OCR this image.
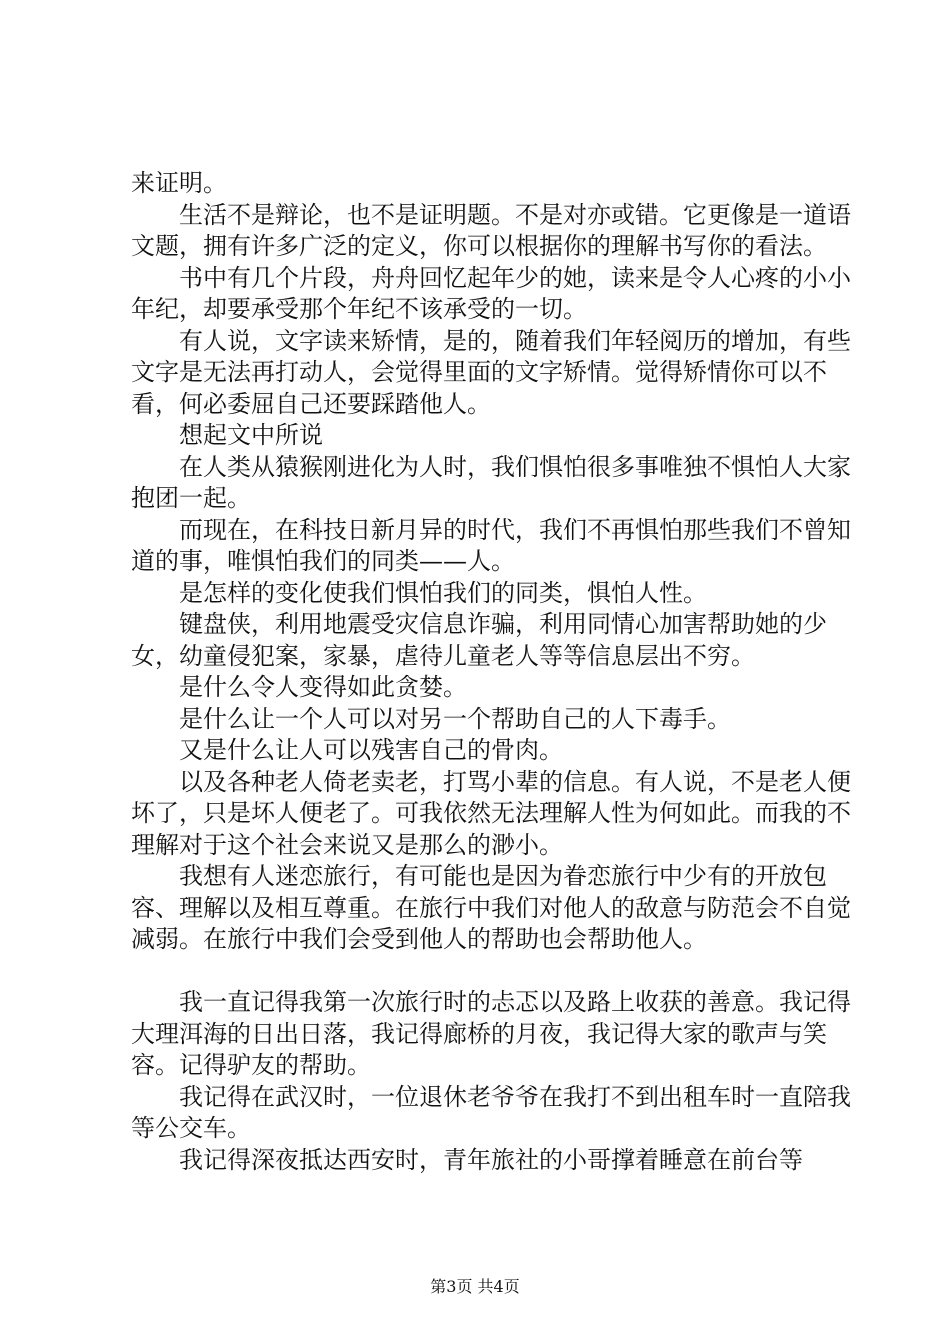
来证明。

生活不是辩论，也不是证明题。不是对亦或错。它更像是一道语文题，拥有许多广泛的定义，你可以根据你的理解书写你的看法。

书中有几个片段，舟舟回忆起年少的她，读来是令人心疼的小小年纪，却要承受那个年纪不该承受的一切。

有人说，文字读来矫情，是的，随着我们年轻阅历的增加，有些文字是无法再打动人，会觉得里面的文字矫情。觉得矫情你可以不看，何必委屈自己还要踩踏他人。

想起文中所说

在人类从猿猴刚进化为人时，我们惧怕很多事唯独不惧怕人大家抱团一起。

而现在，在科技日新月异的时代，我们不再惧怕那些我们不曾知道的事，唯惧怕我们的同类——人。

是怎样的变化使我们惧怕我们的同类，惧怕人性。

键盘侠，利用地震受灾信息诈骗，利用同情心加害帮助她的少女，幼童侵犯案，家暴，虐待儿童老人等等信息层出不穷。

是什么令人变得如此贪婪。

是什么让一个人可以对另一个帮助自己的人下毒手。

又是什么让人可以残害自己的骨肉。

以及各种老人倚老卖老，打骂小辈的信息。有人说，不是老人便坏了，只是坏人便老了。可我依然无法理解人性为何如此。而我的不理解对于这个社会来说又是那么的渺小。

我想有人迷恋旅行，有可能也是因为眷恋旅行中少有的开放包容、理解以及相互尊重。在旅行中我们对他人的敌意与防范会不自觉减弱。在旅行中我们会受到他人的帮助也会帮助他人。

我一直记得我第一次旅行时的忐忑以及路上收获的善意。我记得大理洱海的日出日落，我记得廊桥的月夜，我记得大家的歌声与笑容。记得驴友的帮助。

我记得在武汉时，一位退休老爷爷在我打不到出租车时一直陪我等公交车。

我记得深夜抵达西安时，青年旅社的小哥撑着睡意在前台等

第3页 共4页
